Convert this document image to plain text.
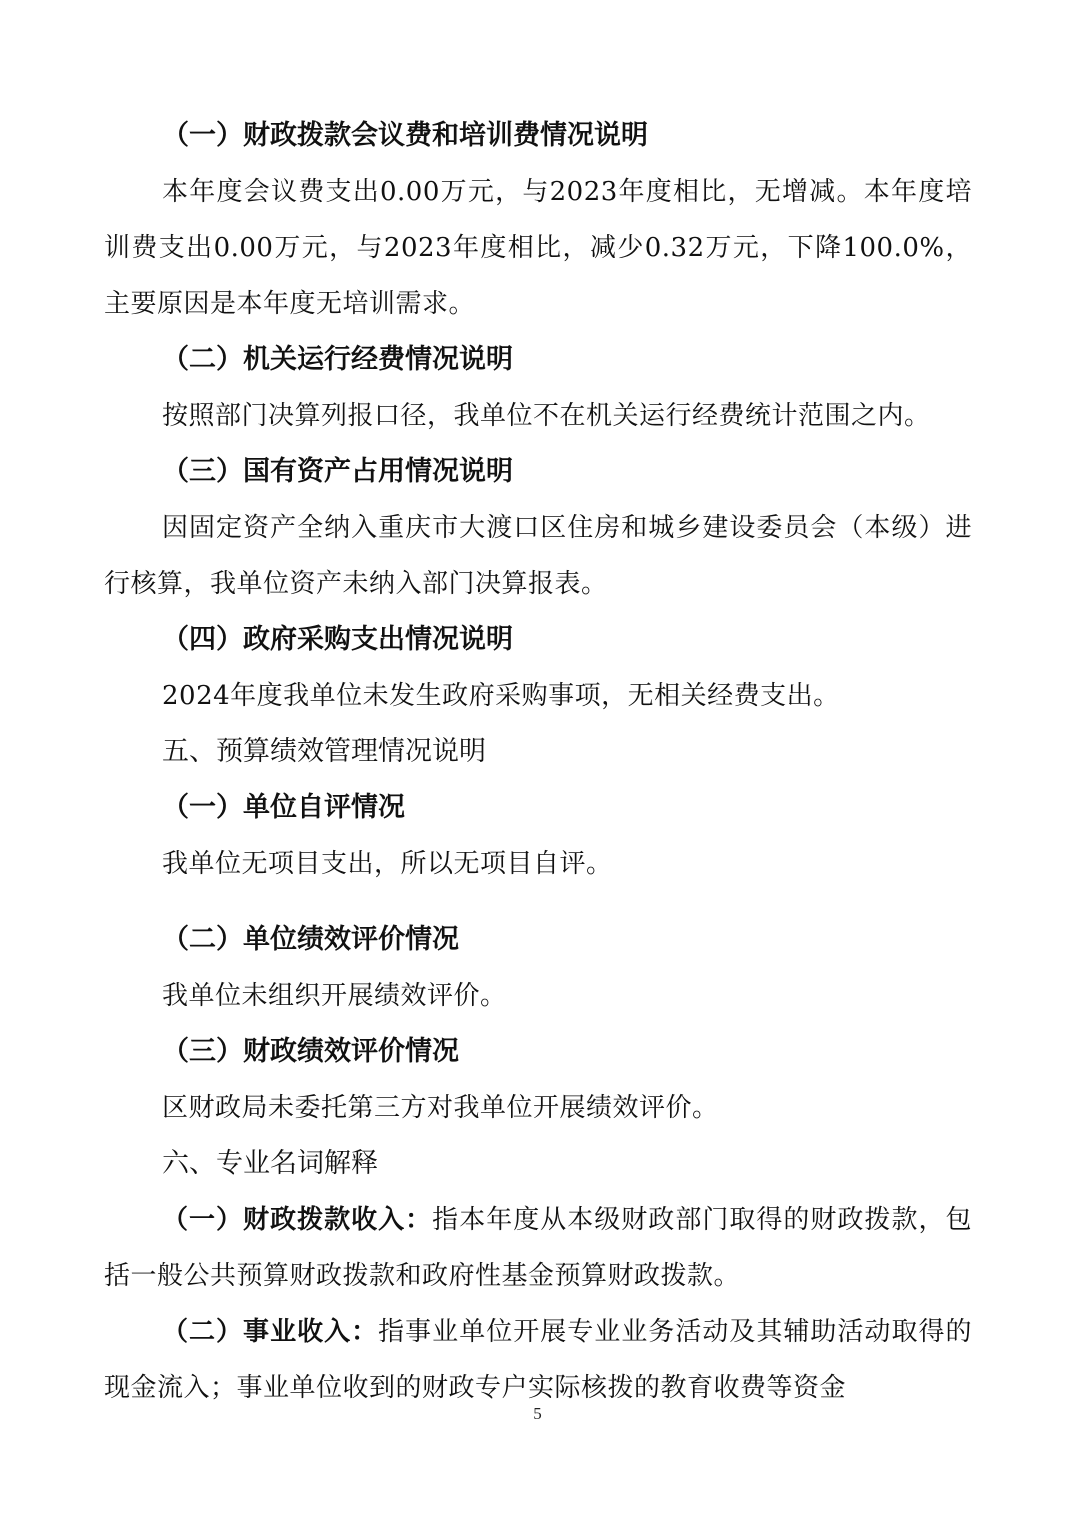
（一）财政拨款会议费和培训费情况说明
本年度会议费支出0.00万元，与2023年度相比，无增减。本年度培训费支出0.00万元，与2023年度相比，减少0.32万元，下降100.0%，主要原因是本年度无培训需求。
（二）机关运行经费情况说明
按照部门决算列报口径，我单位不在机关运行经费统计范围之内。
（三）国有资产占用情况说明
因固定资产全纳入重庆市大渡口区住房和城乡建设委员会（本级）进行核算，我单位资产未纳入部门决算报表。
（四）政府采购支出情况说明
2024年度我单位未发生政府采购事项，无相关经费支出。
五、预算绩效管理情况说明
（一）单位自评情况
我单位无项目支出，所以无项目自评。
（二）单位绩效评价情况
我单位未组织开展绩效评价。
（三）财政绩效评价情况
区财政局未委托第三方对我单位开展绩效评价。
六、专业名词解释
（一）财政拨款收入：指本年度从本级财政部门取得的财政拨款，包括一般公共预算财政拨款和政府性基金预算财政拨款。
（二）事业收入：指事业单位开展专业业务活动及其辅助活动取得的现金流入；事业单位收到的财政专户实际核拨的教育收费等资金
5
